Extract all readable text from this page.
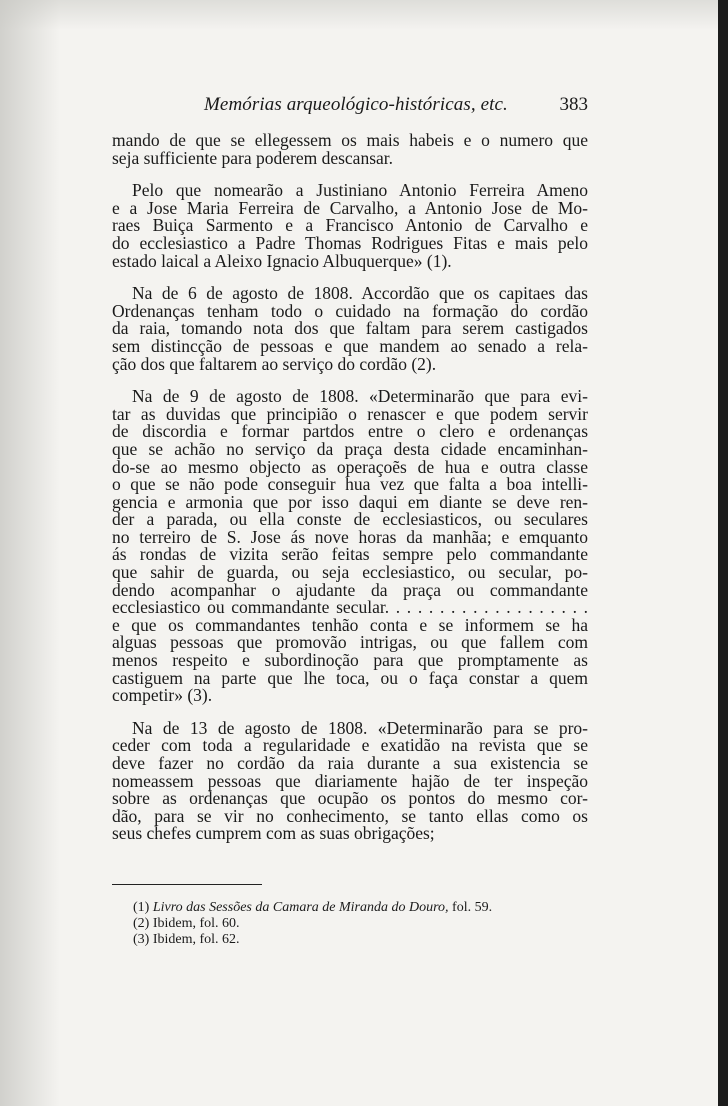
Memórias arqueológico-históricas, etc.	383

mando de que se ellegessem os mais habeis e o numero que
seja sufficiente para poderem descansar.

Pelo que nomearão a Justiniano Antonio Ferreira Ameno
e a Jose Maria Ferreira de Carvalho, a Antonio Jose de Mo-
raes Buiça Sarmento e a Francisco Antonio de Carvalho e
do ecclesiastico a Padre Thomas Rodrigues Fitas e mais pelo
estado laical a Aleixo Ignacio Albuquerque» (1).

Na de 6 de agosto de 1808. Accordão que os capitaes das
Ordenanças tenham todo o cuidado na formação do cordão
da raia, tomando nota dos que faltam para serem castigados
sem distincção de pessoas e que mandem ao senado a rela-
ção dos que faltarem ao serviço do cordão (2).

Na de 9 de agosto de 1808. «Determinarão que para evi-
tar as duvidas que principião o renascer e que podem servir
de discordia e formar partdos entre o clero e ordenanças
que se achão no serviço da praça desta cidade encaminhan-
do-se ao mesmo objecto as operaçoẽs de hua e outra classe
o que se não pode conseguir hua vez que falta a boa intelli-
gencia e armonia que por isso daqui em diante se deve ren-
der a parada, ou ella conste de ecclesiasticos, ou seculares
no terreiro de S. Jose ás nove horas da manhãa; e emquanto
ás rondas de vizita serão feitas sempre pelo commandante
que sahir de guarda, ou seja ecclesiastico, ou secular, po-
dendo acompanhar o ajudante da praça ou commandante
ecclesiastico ou commandante secular. . . . . . . . . . . . . . . . . . .
e que os commandantes tenhão conta e se informem se ha
alguas pessoas que promovão intrigas, ou que fallem com
menos respeito e subordinoção para que promptamente as
castiguem na parte que lhe toca, ou o faça constar a quem
competir» (3).

Na de 13 de agosto de 1808. «Determinarão para se pro-
ceder com toda a regularidade e exatidão na revista que se
deve fazer no cordão da raia durante a sua existencia se
nomeassem pessoas que diariamente hajão de ter inspeção
sobre as ordenanças que ocupão os pontos do mesmo cor-
dão, para se vir no conhecimento, se tanto ellas como os
seus chefes cumprem com as suas obrigações;

(1) Livro das Sessões da Camara de Miranda do Douro, fol. 59.
(2) Ibidem, fol. 60.
(3) Ibidem, fol. 62.
